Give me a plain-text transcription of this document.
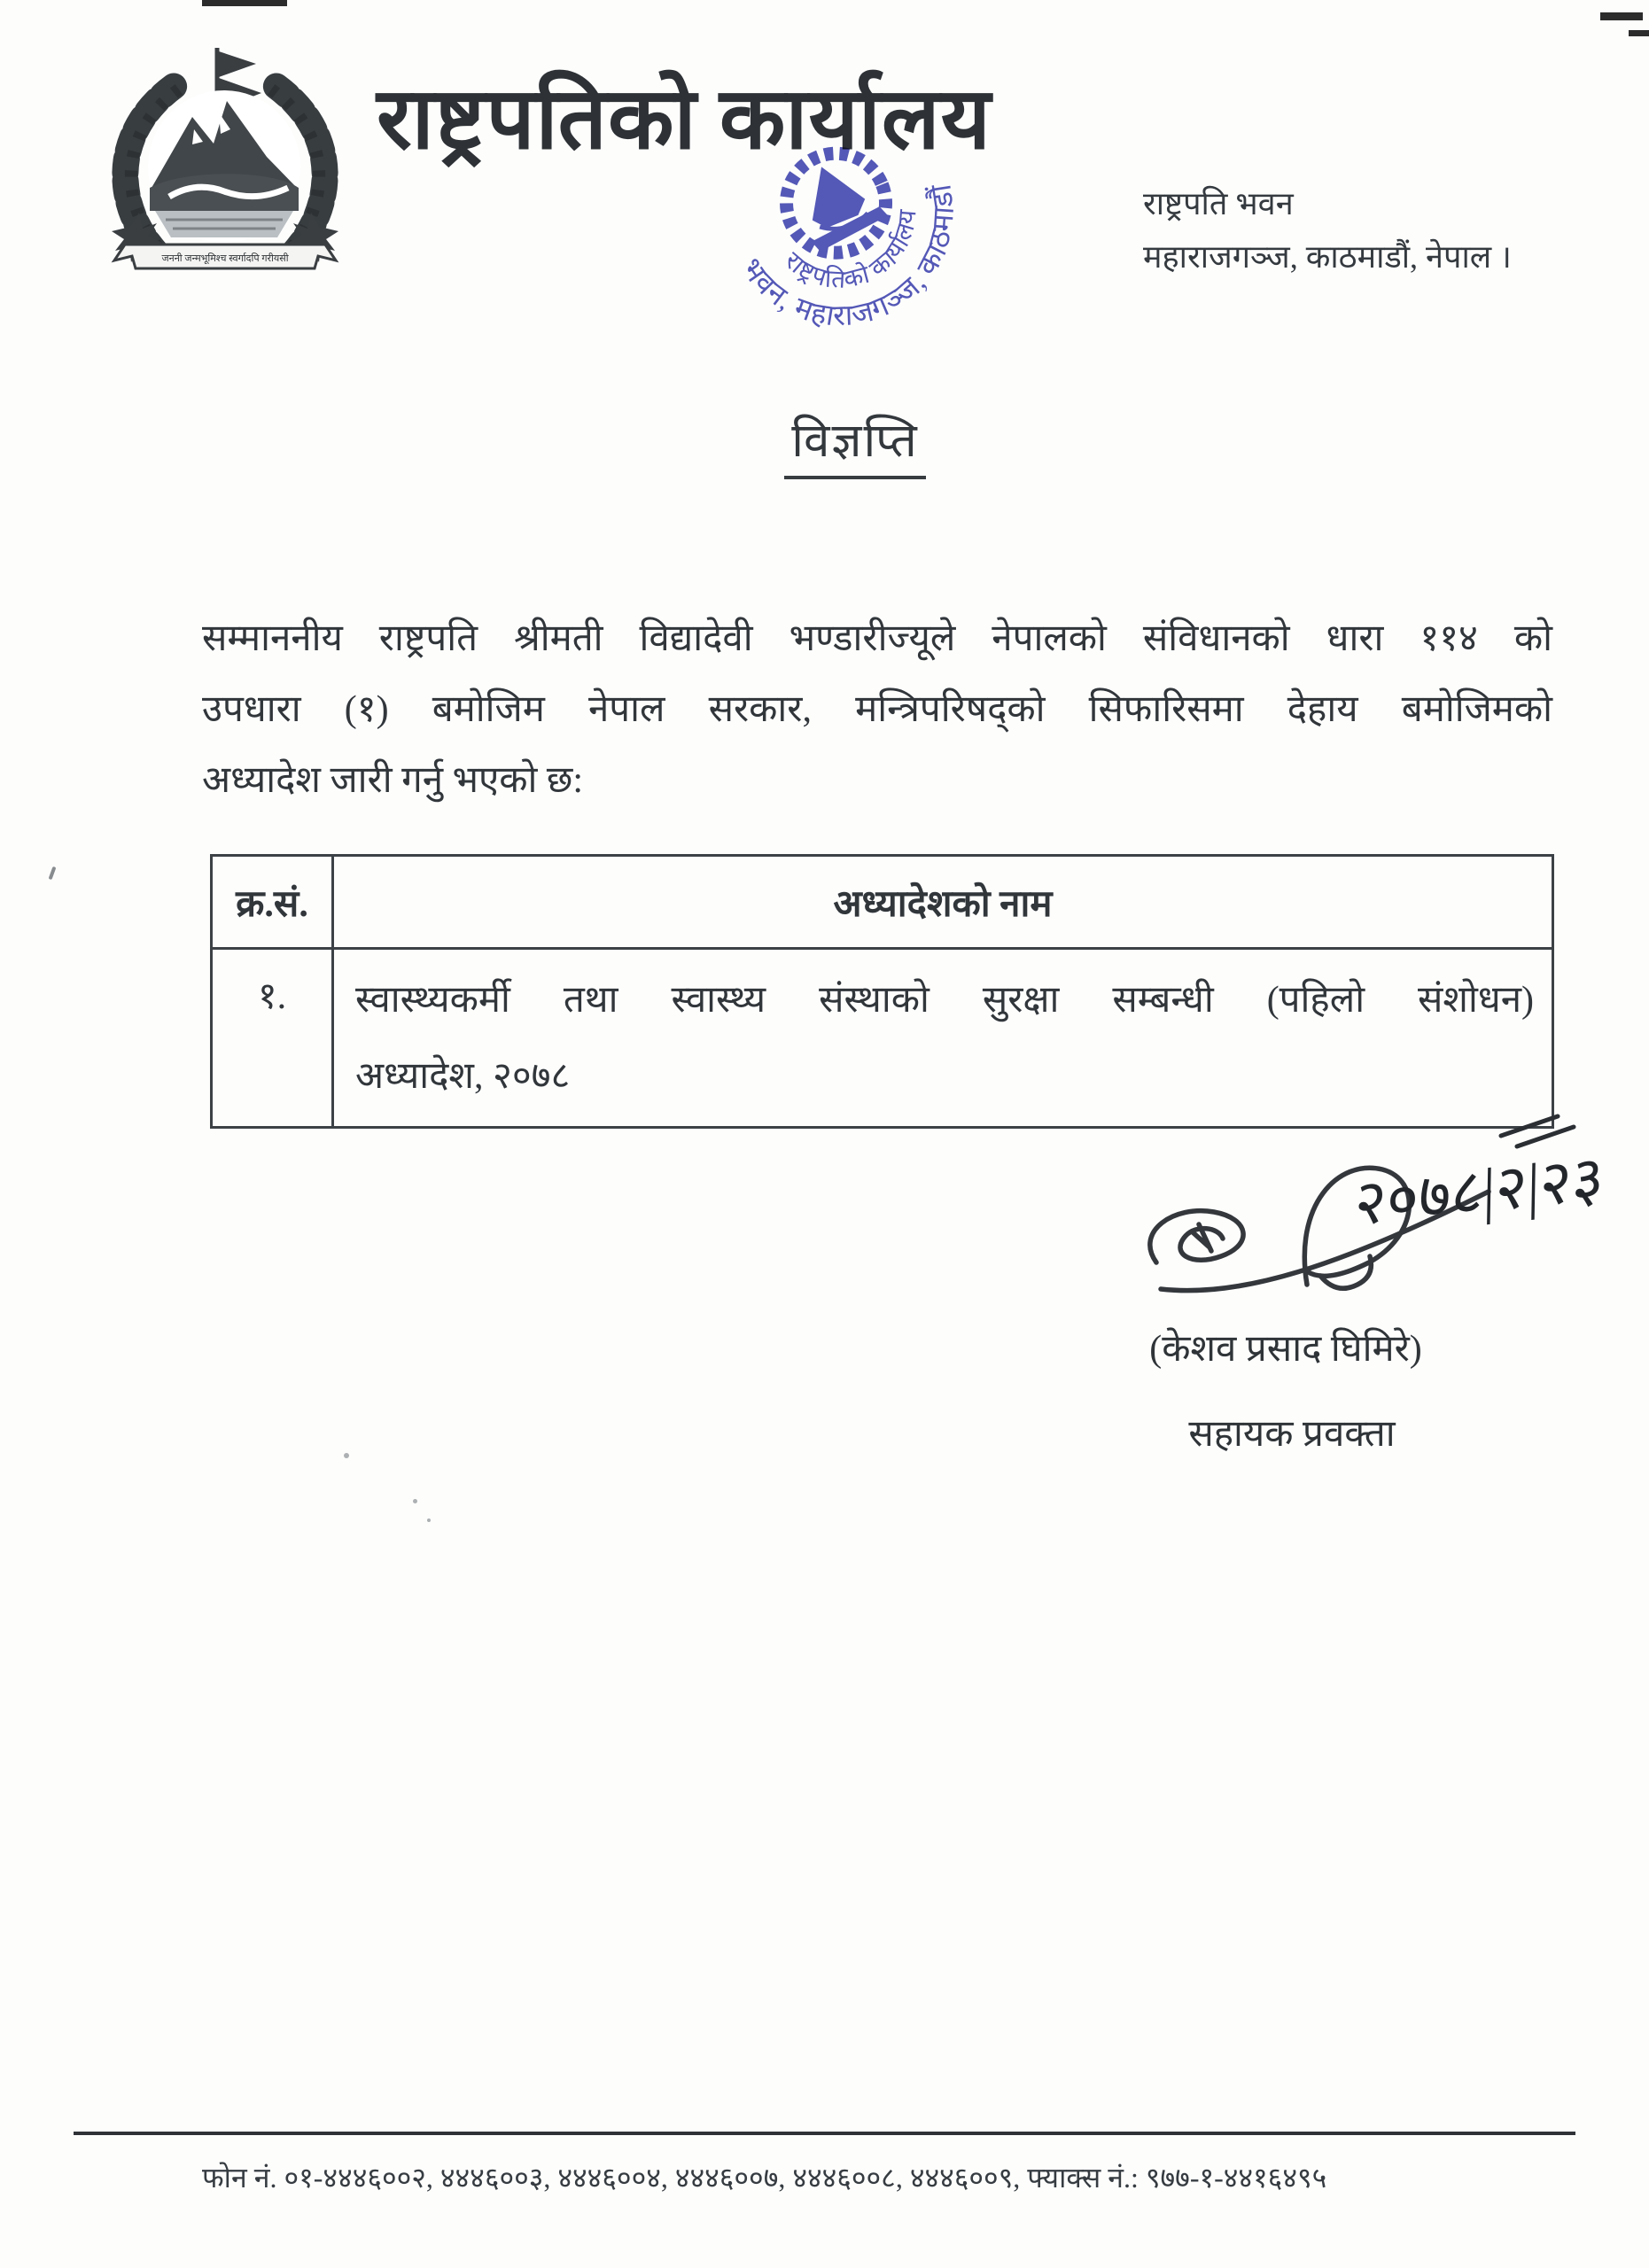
जननी जन्मभूमिश्च स्वर्गादपि गरीयसी
राष्ट्रपतिको कार्यालय
राष्ट्रपतिको कार्यालय
भवन, महाराजगञ्ज, काठमाडौं	राष्ट्रपति भवन
महाराजगञ्ज, काठमाडौं, नेपाल ।
विज्ञप्ति
सम्माननीय राष्ट्रपति श्रीमती विद्यादेवी भण्डारीज्यूले नेपालको संविधानको धारा ११४ को
उपधारा (१) बमोजिम नेपाल सरकार, मन्त्रिपरिषद्को सिफारिसमा देहाय बमोजिमको
अध्यादेश जारी गर्नु भएको छ:
क्र.सं.	अध्यादेशको नाम
१.	स्वास्थ्यकर्मी तथा स्वास्थ्य संस्थाको सुरक्षा सम्बन्धी (पहिलो संशोधन)
अध्यादेश, २०७८
२०७८|२|२३
(केशव प्रसाद घिमिरे)
सहायक प्रवक्ता
फोन नं. ०१-४४४६००२, ४४४६००३, ४४४६००४, ४४४६००७, ४४४६००८, ४४४६००९, फ्याक्स नं.: ९७७-१-४४१६४९५
